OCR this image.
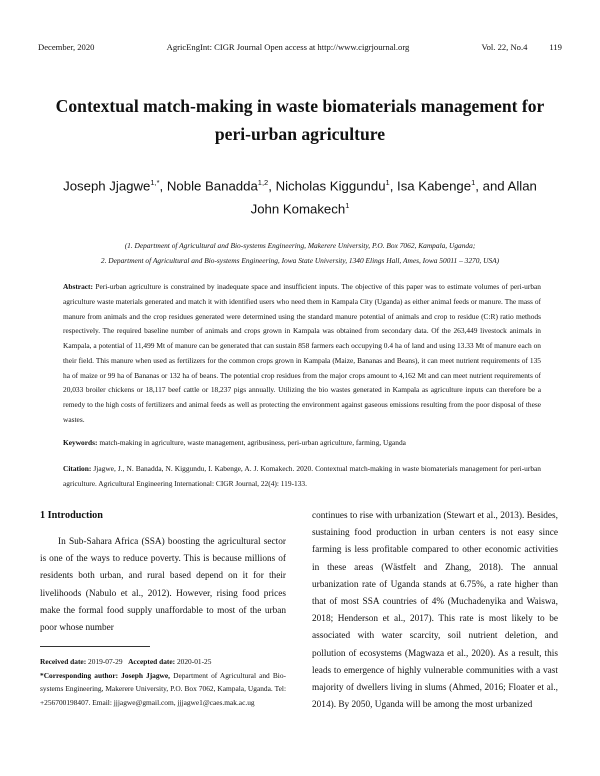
December, 2020	AgricEngInt: CIGR Journal Open access at http://www.cigrjournal.org	Vol. 22, No.4	119
Contextual match-making in waste biomaterials management for
peri-urban agriculture
Joseph Jjagwe$^{1,*}$, Noble Banadda$^{1,2}$, Nicholas Kiggundu$^1$, Isa Kabenge$^1$, and Allan
John Komakech$^1$
(1. Department of Agricultural and Bio-systems Engineering, Makerere University, P.O. Box 7062, Kampala, Uganda;
2. Department of Agricultural and Bio-systems Engineering, Iowa State University, 1340 Elings Hall, Ames, Iowa 50011 – 3270, USA)
Abstract: Peri-urban agriculture is constrained by inadequate space and insufficient inputs. The objective of this paper was to estimate volumes of peri-urban agriculture waste materials generated and match it with identified users who need them in Kampala City (Uganda) as either animal feeds or manure. The mass of manure from animals and the crop residues generated were determined using the standard manure potential of animals and crop to residue (C:R) ratio methods respectively. The required baseline number of animals and crops grown in Kampala was obtained from secondary data. Of the 263,449 livestock animals in Kampala, a potential of 11,499 Mt of manure can be generated that can sustain 858 farmers each occupying 0.4 ha of land and using 13.33 Mt of manure each on their field. This manure when used as fertilizers for the common crops grown in Kampala (Maize, Bananas and Beans), it can meet nutrient requirements of 135 ha of maize or 99 ha of Bananas or 132 ha of beans. The potential crop residues from the major crops amount to 4,162 Mt and can meet nutrient requirements of 20,033 broiler chickens or 18,117 beef cattle or 18,237 pigs annually. Utilizing the bio wastes generated in Kampala as agriculture inputs can therefore be a remedy to the high costs of fertilizers and animal feeds as well as protecting the environment against gaseous emissions resulting from the poor disposal of these wastes.
Keywords: match-making in agriculture, waste management, agribusiness, peri-urban agriculture, farming, Uganda
Citation: Jjagwe, J., N. Banadda, N. Kiggundu, I. Kabenge, A. J. Komakech. 2020. Contextual match-making in waste biomaterials management for peri-urban agriculture. Agricultural Engineering International: CIGR Journal, 22(4): 119-133.
1 Introduction

In Sub-Sahara Africa (SSA) boosting the agricultural sector is one of the ways to reduce poverty. This is because millions of residents both urban, and rural based depend on it for their livelihoods (Nabulo et al., 2012). However, rising food prices make the formal food supply unaffordable to most of the urban poor whose number

continues to rise with urbanization (Stewart et al., 2013). Besides, sustaining food production in urban centers is not easy since farming is less profitable compared to other economic activities in these areas (Wästfelt and Zhang, 2018). The annual urbanization rate of Uganda stands at 6.75%, a rate higher than that of most SSA countries of 4% (Muchadenyika and Waiswa, 2018; Henderson et al., 2017). This rate is most likely to be associated with water scarcity, soil nutrient deletion, and pollution of ecosystems (Magwaza et al., 2020). As a result, this leads to emergence of highly vulnerable communities with a vast majority of dwellers living in slums (Ahmed, 2016; Floater et al., 2014). By 2050, Uganda will be among the most urbanized

Received date: 2019-07-29 Accepted date: 2020-01-25
*Corresponding author: Joseph Jjagwe, Department of Agricultural and Bio-systems Engineering, Makerere University, P.O. Box 7062, Kampala, Uganda. Tel: +256700198407. Email: jjjagwe@gmail.com, jjjagwe1@caes.mak.ac.ug
